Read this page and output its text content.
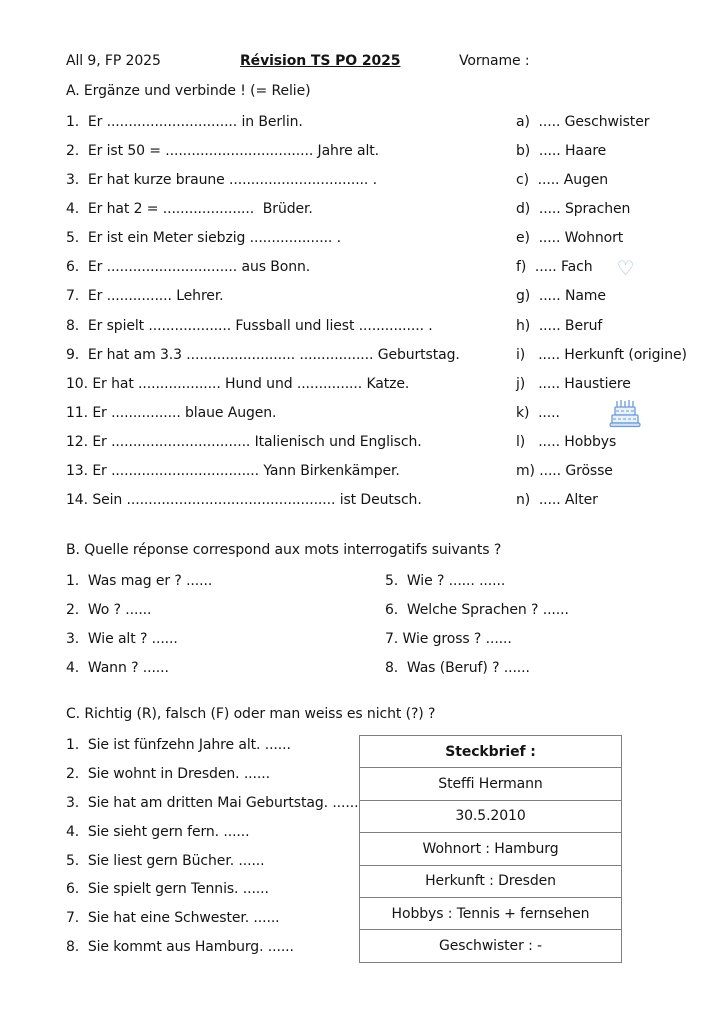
All 9, FP 2025	Révision TS PO 2025	Vorname :
A. Ergänze und verbinde ! (= Relie)
1.  Er .............................. in Berlin.	a)  ..... Geschwister
2.  Er ist 50 = .................................. Jahre alt.	b)  ..... Haare
3.  Er hat kurze braune ................................ .	c)  ..... Augen
4.  Er hat 2 = .....................  Brüder.	d)  ..... Sprachen
5.  Er ist ein Meter siebzig ................... .	e)  ..... Wohnort
6.  Er .............................. aus Bonn.	f)  ..... Fach ♡
7.  Er ............... Lehrer.	g)  ..... Name
8.  Er spielt ................... Fussball und liest ............... .	h)  ..... Beruf
9.  Er hat am 3.3 ......................... ................. Geburtstag.	i)   ..... Herkunft (origine)
10. Er hat ................... Hund und ............... Katze.	j)   ..... Haustiere
11. Er ................ blaue Augen.	k)  .....
12. Er ................................ Italienisch und Englisch.	l)   ..... Hobbys
13. Er .................................. Yann Birkenkämper.	m) ..... Grösse
14. Sein ................................................ ist Deutsch.	n)  ..... Alter
B. Quelle réponse correspond aux mots interrogatifs suivants ?
1.  Was mag er ? ......	5.  Wie ? ...... ......
2.  Wo ? ......	6.  Welche Sprachen ? ......
3.  Wie alt ? ......	7. Wie gross ? ......
4.  Wann ? ......	8.  Was (Beruf) ? ......
C. Richtig (R), falsch (F) oder man weiss es nicht (?) ?
1.  Sie ist fünfzehn Jahre alt. ......
2.  Sie wohnt in Dresden. ......
3.  Sie hat am dritten Mai Geburtstag. ......
4.  Sie sieht gern fern. ......
5.  Sie liest gern Bücher. ......
6.  Sie spielt gern Tennis. ......
7.  Sie hat eine Schwester. ......
8.  Sie kommt aus Hamburg. ......
Steckbrief :
Steffi Hermann
30.5.2010
Wohnort : Hamburg
Herkunft : Dresden
Hobbys : Tennis + fernsehen
Geschwister : -
